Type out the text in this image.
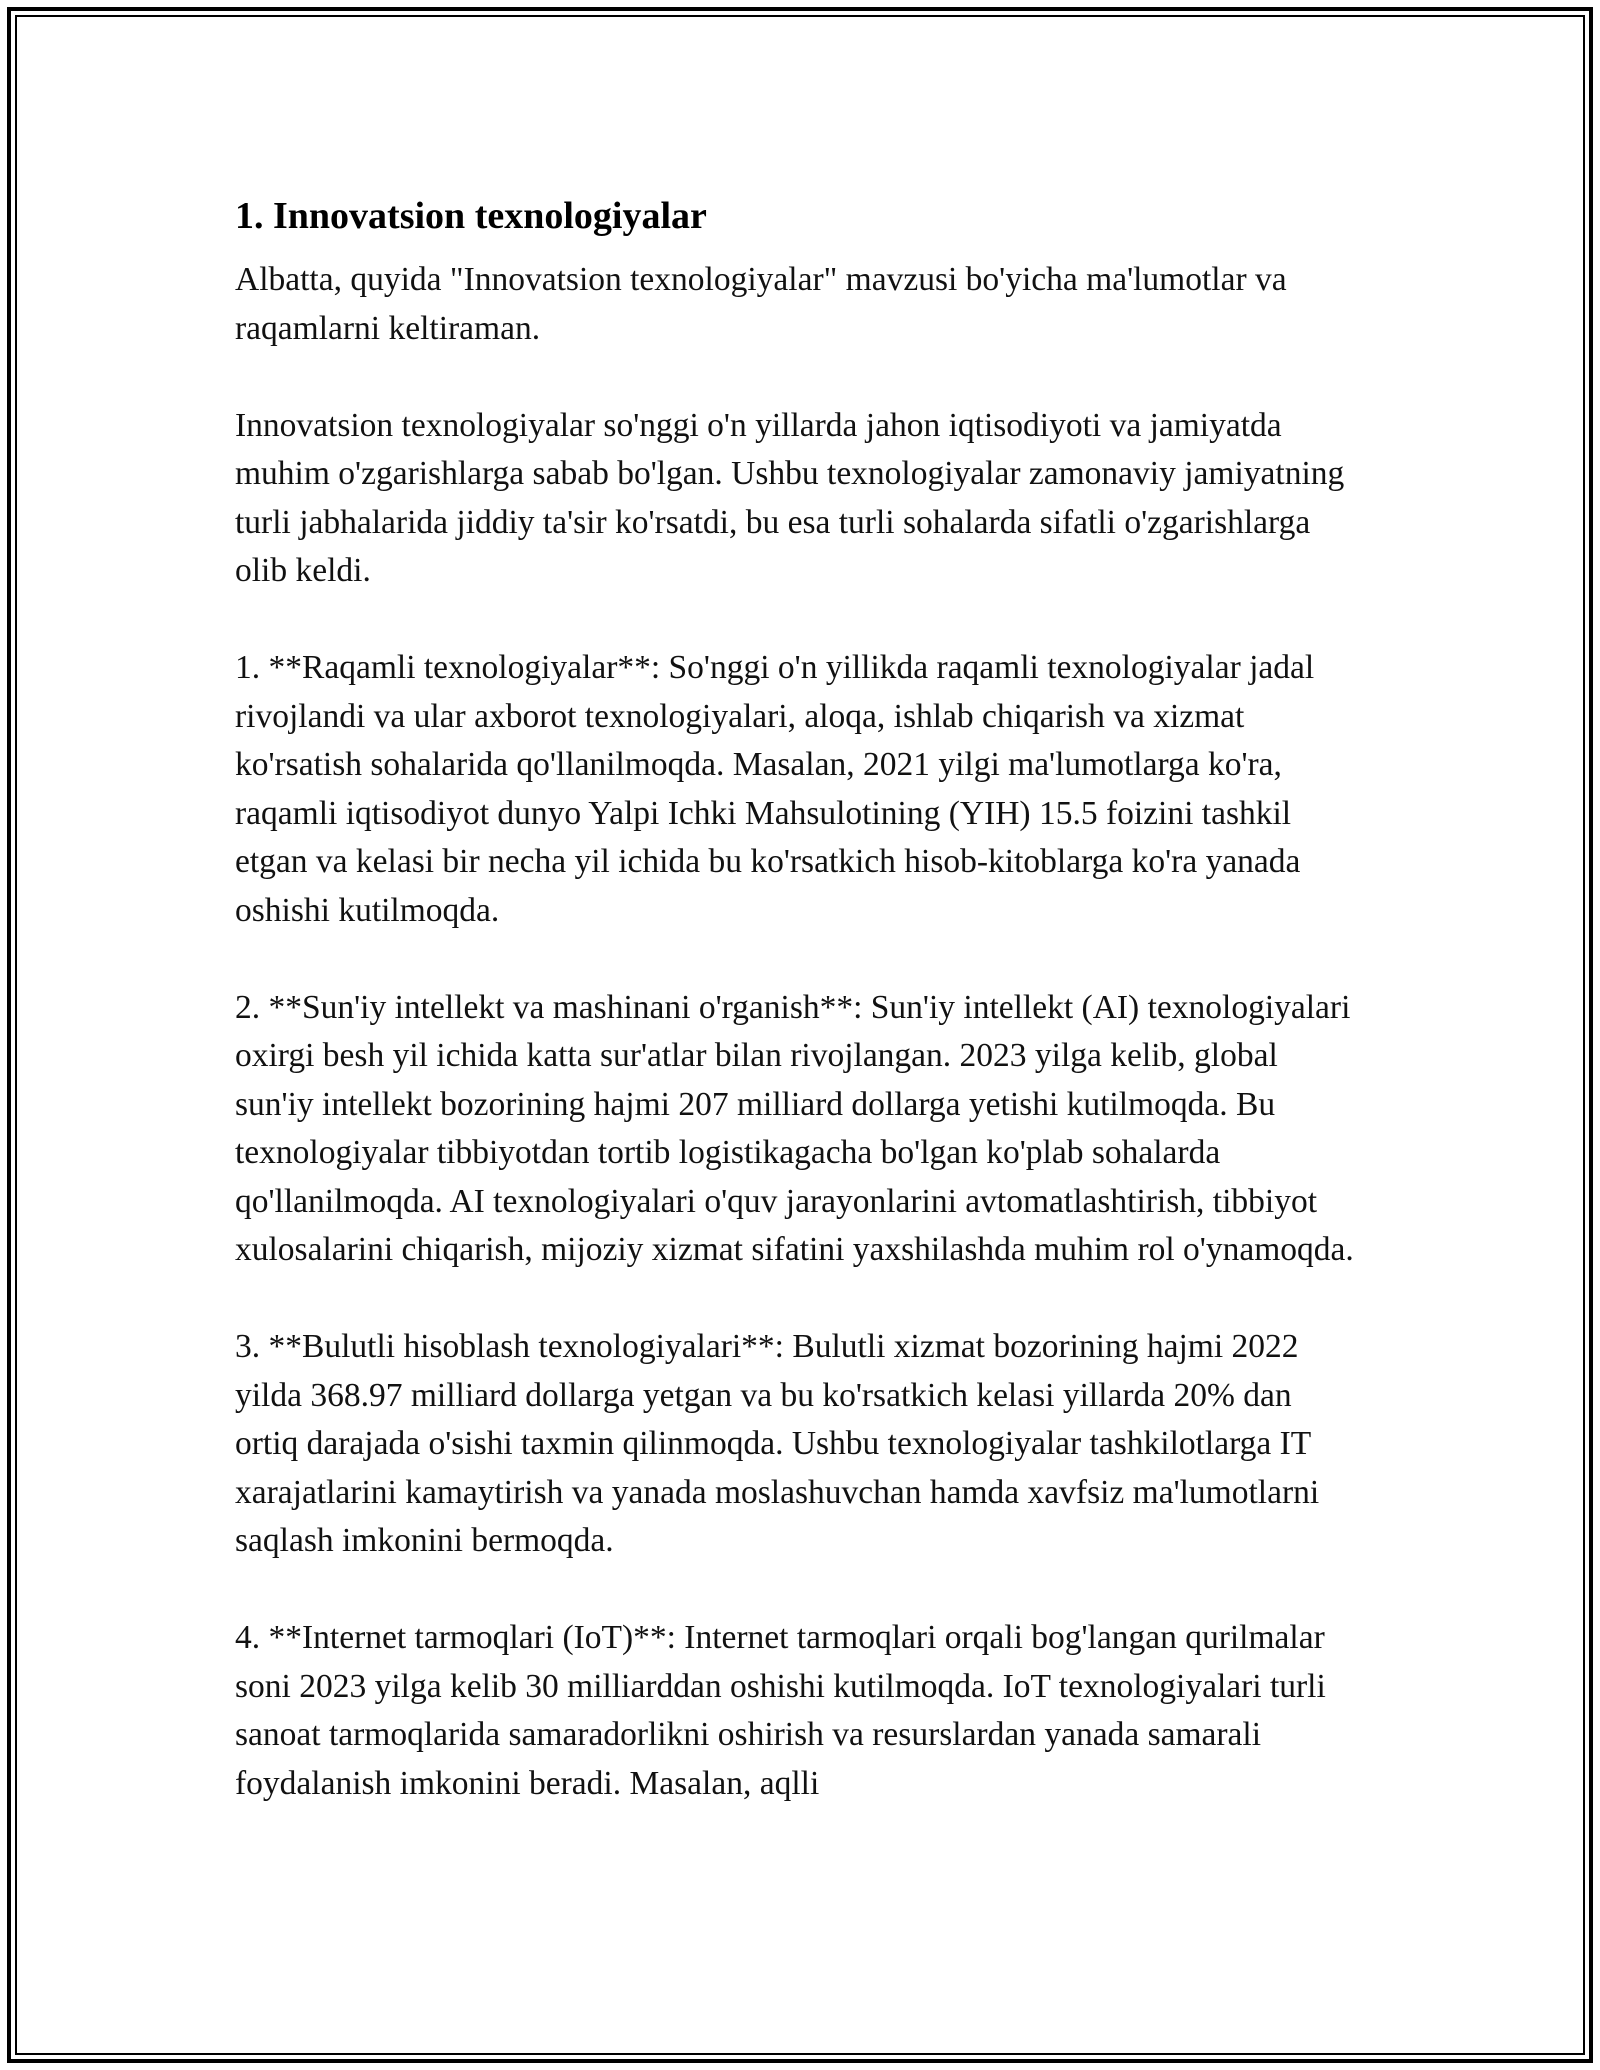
1. Innovatsion texnologiyalar

Albatta, quyida "Innovatsion texnologiyalar" mavzusi bo'yicha ma'lumotlar va raqamlarni keltiraman.

Innovatsion texnologiyalar so'nggi o'n yillarda jahon iqtisodiyoti va jamiyatda muhim o'zgarishlarga sabab bo'lgan. Ushbu texnologiyalar zamonaviy jamiyatning turli jabhalarida jiddiy ta'sir ko'rsatdi, bu esa turli sohalarda sifatli o'zgarishlarga olib keldi.

1. **Raqamli texnologiyalar**: So'nggi o'n yillikda raqamli texnologiyalar jadal rivojlandi va ular axborot texnologiyalari, aloqa, ishlab chiqarish va xizmat ko'rsatish sohalarida qo'llanilmoqda. Masalan, 2021 yilgi ma'lumotlarga ko'ra, raqamli iqtisodiyot dunyo Yalpi Ichki Mahsulotining (YIH) 15.5 foizini tashkil etgan va kelasi bir necha yil ichida bu ko'rsatkich hisob-kitoblarga ko'ra yanada oshishi kutilmoqda.

2. **Sun'iy intellekt va mashinani o'rganish**: Sun'iy intellekt (AI) texnologiyalari oxirgi besh yil ichida katta sur'atlar bilan rivojlangan. 2023 yilga kelib, global sun'iy intellekt bozorining hajmi 207 milliard dollarga yetishi kutilmoqda. Bu texnologiyalar tibbiyotdan tortib logistikagacha bo'lgan ko'plab sohalarda qo'llanilmoqda. AI texnologiyalari o'quv jarayonlarini avtomatlashtirish, tibbiyot xulosalarini chiqarish, mijoziy xizmat sifatini yaxshilashda muhim rol o'ynamoqda.

3. **Bulutli hisoblash texnologiyalari**: Bulutli xizmat bozorining hajmi 2022 yilda 368.97 milliard dollarga yetgan va bu ko'rsatkich kelasi yillarda 20% dan ortiq darajada o'sishi taxmin qilinmoqda. Ushbu texnologiyalar tashkilotlarga IT xarajatlarini kamaytirish va yanada moslashuvchan hamda xavfsiz ma'lumotlarni saqlash imkonini bermoqda.

4. **Internet tarmoqlari (IoT)**: Internet tarmoqlari orqali bog'langan qurilmalar soni 2023 yilga kelib 30 milliarddan oshishi kutilmoqda. IoT texnologiyalari turli sanoat tarmoqlarida samaradorlikni oshirish va resurslardan yanada samarali foydalanish imkonini beradi. Masalan, aqlli
